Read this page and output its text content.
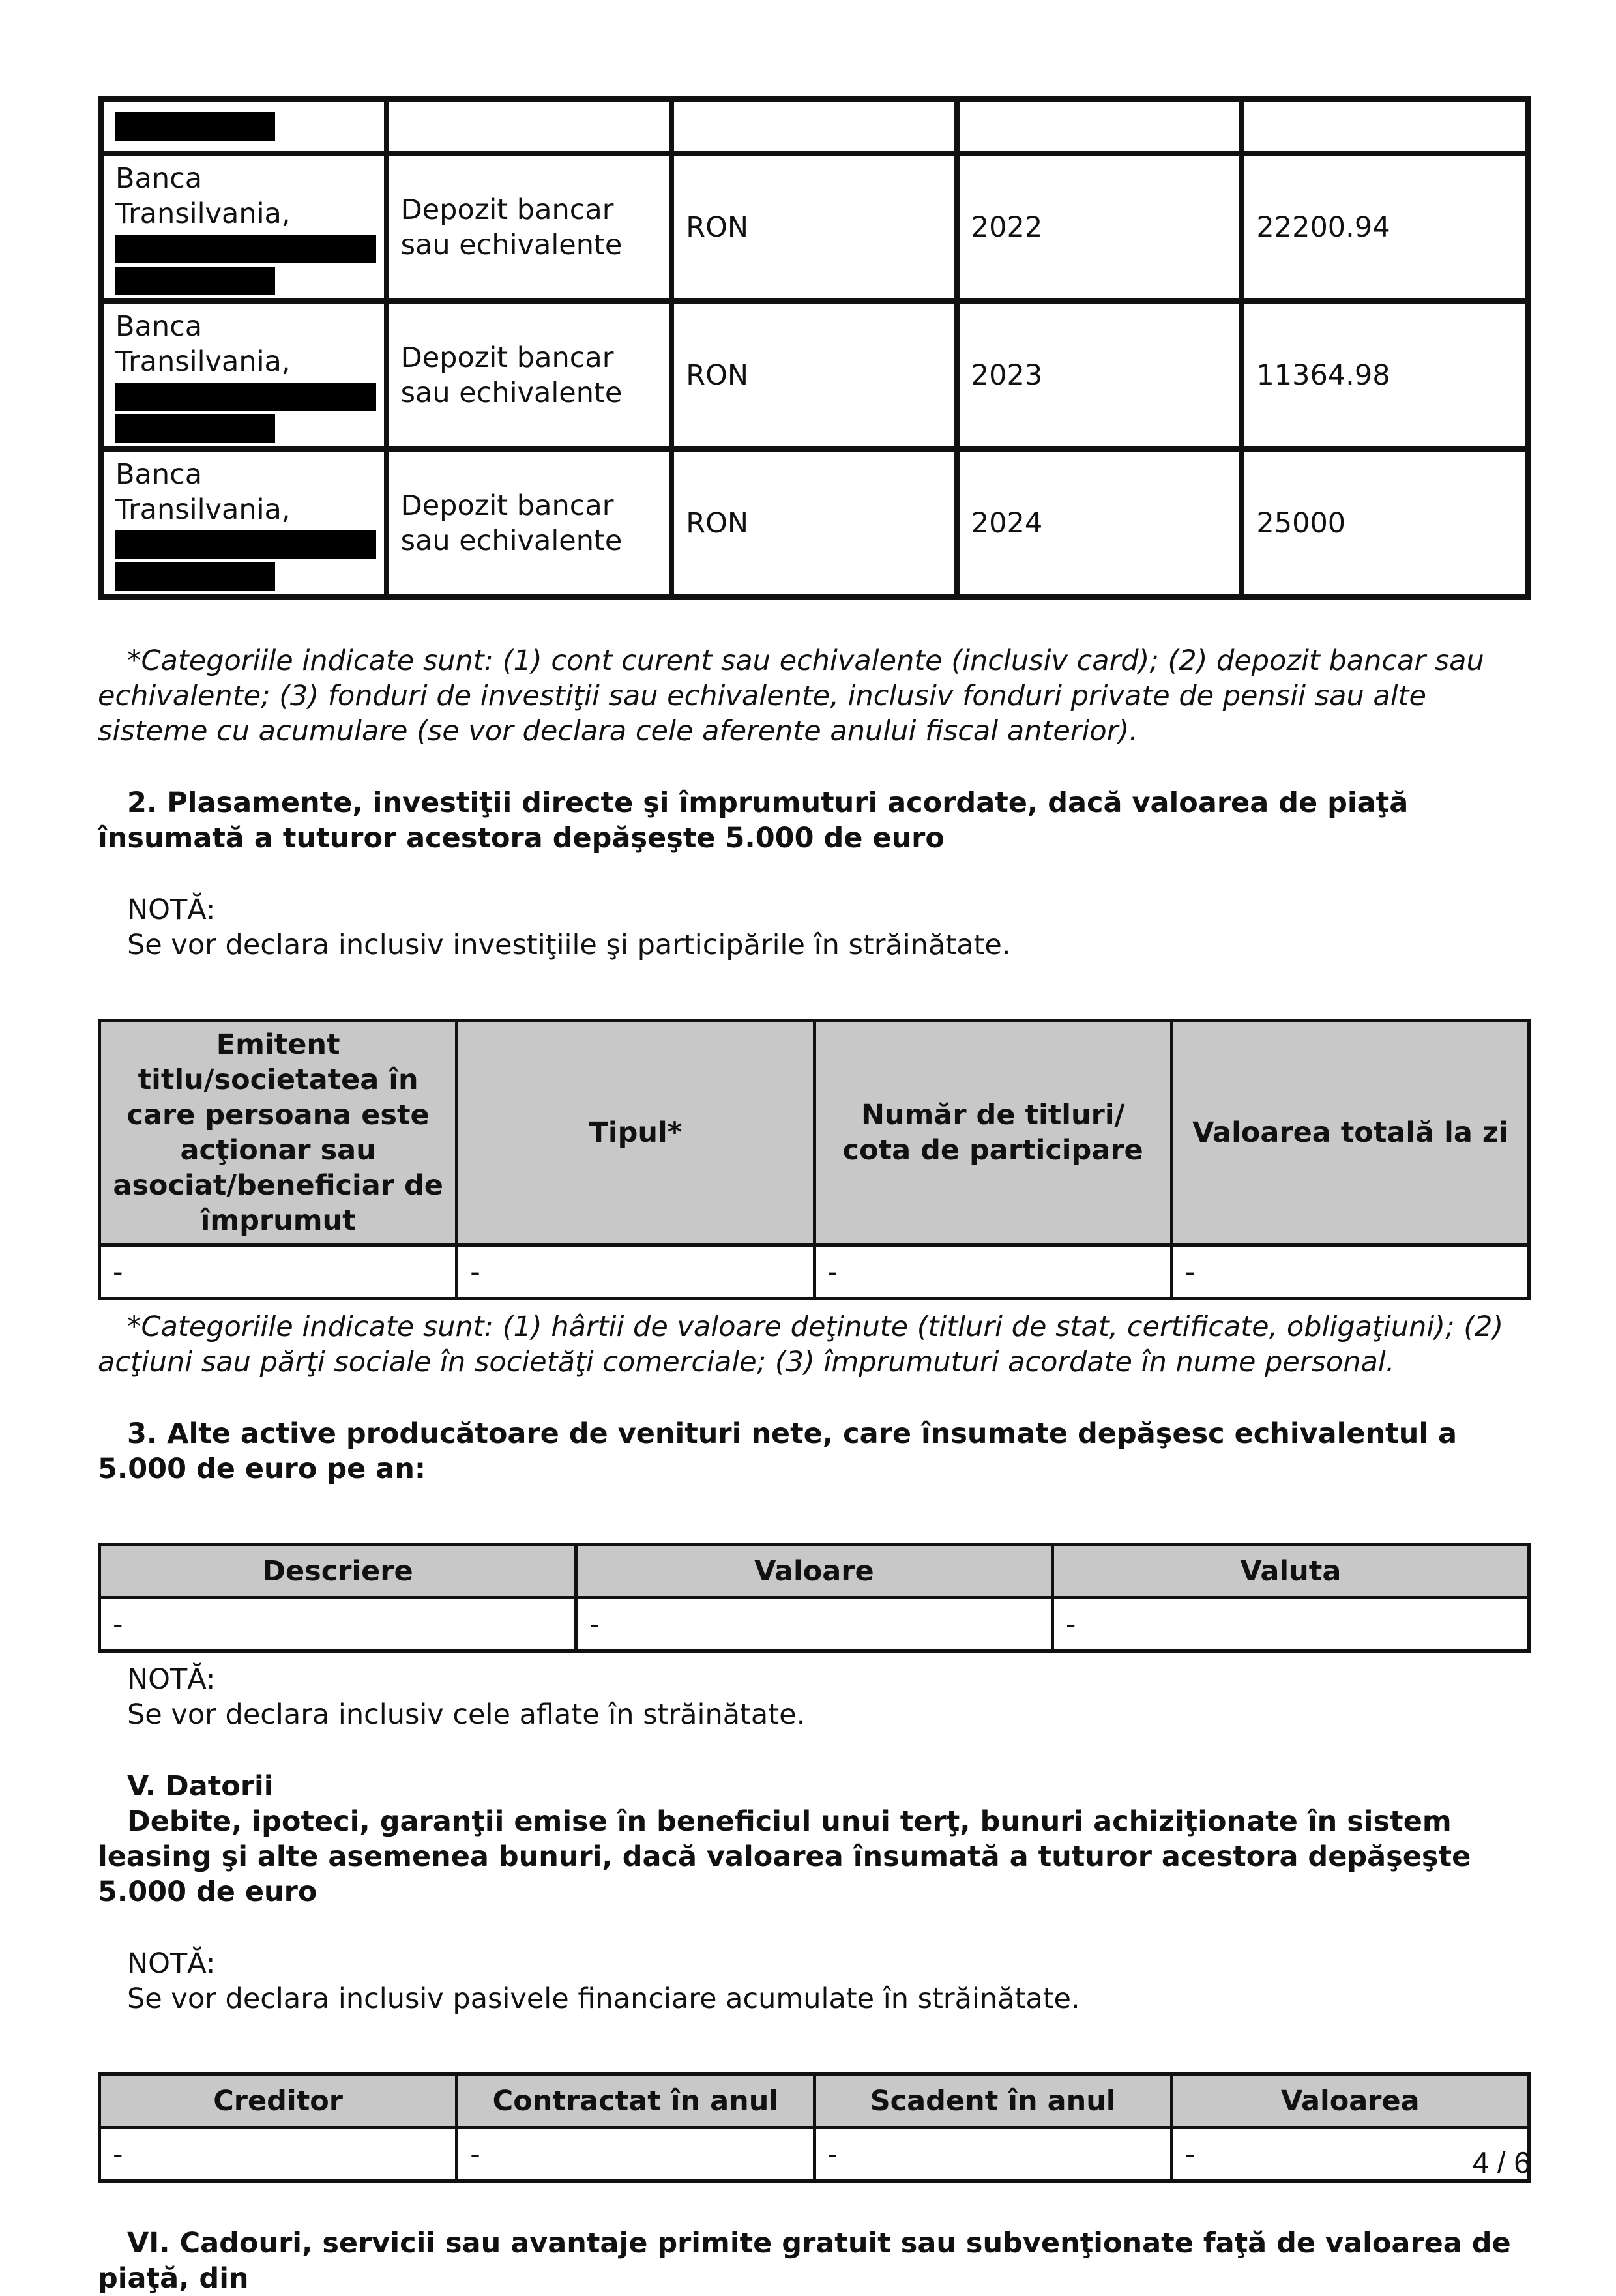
Banca Transilvania,	Depozit bancar sau echivalente	RON	2022	22200.94

Banca Transilvania,	Depozit bancar sau echivalente	RON	2023	11364.98

Banca Transilvania,	Depozit bancar sau echivalente	RON	2024	25000

*Categoriile indicate sunt: (1) cont curent sau echivalente (inclusiv card); (2) depozit bancar sau echivalente; (3) fonduri de investiţii sau echivalente, inclusiv fonduri private de pensii sau alte sisteme cu acumulare (se vor declara cele aferente anului fiscal anterior).

2. Plasamente, investiţii directe şi împrumuturi acordate, dacă valoarea de piaţă însumată a tuturor acestora depăşeşte 5.000 de euro

NOTĂ:

Se vor declara inclusiv investiţiile şi participările în străinătate.

Emitent titlu/societatea în care persoana este acţionar sau asociat/beneficiar de împrumut	Tipul*	Număr de titluri/ cota de participare	Valoarea totală la zi
-	-	-	-

*Categoriile indicate sunt: (1) hârtii de valoare deţinute (titluri de stat, certificate, obligaţiuni); (2) acţiuni sau părţi sociale în societăţi comerciale; (3) împrumuturi acordate în nume personal.

3. Alte active producătoare de venituri nete, care însumate depăşesc echivalentul a 5.000 de euro pe an:

Descriere	Valoare	Valuta
-	-	-

NOTĂ:

Se vor declara inclusiv cele aflate în străinătate.

V. Datorii

Debite, ipoteci, garanţii emise în beneficiul unui terţ, bunuri achiziţionate în sistem leasing şi alte asemenea bunuri, dacă valoarea însumată a tuturor acestora depăşeşte 5.000 de euro

NOTĂ:

Se vor declara inclusiv pasivele financiare acumulate în străinătate.

Creditor	Contractat în anul	Scadent în anul	Valoarea
-	-	-	-

VI. Cadouri, servicii sau avantaje primite gratuit sau subvenţionate faţă de valoarea de piaţă, din

4 / 6
